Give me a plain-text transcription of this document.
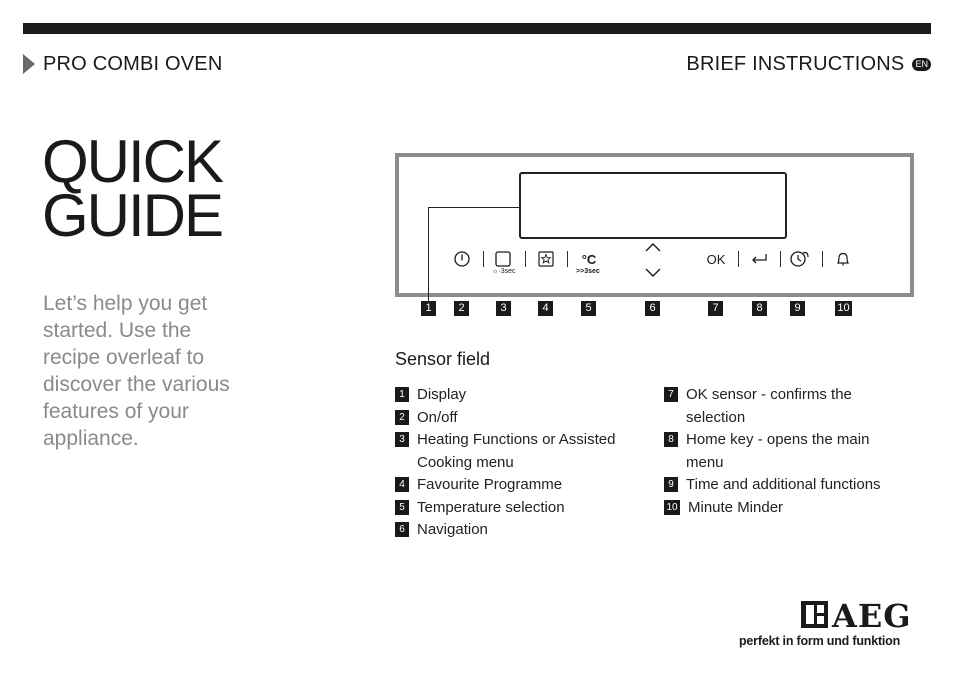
PRO COMBI OVEN	BRIEF INSTRUCTIONS	EN
QUICK
GUIDE
Let’s help you get started. Use the recipe overleaf to discover the various features of your appliance.
☼·3sec
°C
>>3sec
OK
1	2	3	4	5	6	7	8	9	10
Sensor field
1 Display
2 On/off
3 Heating Functions or Assisted Cooking menu
4 Favourite Programme
5 Temperature selection
6 Navigation
7 OK sensor - confirms the selection
8 Home key - opens the main menu
9 Time and additional functions
10 Minute Minder
AEG
perfekt in form und funktion
